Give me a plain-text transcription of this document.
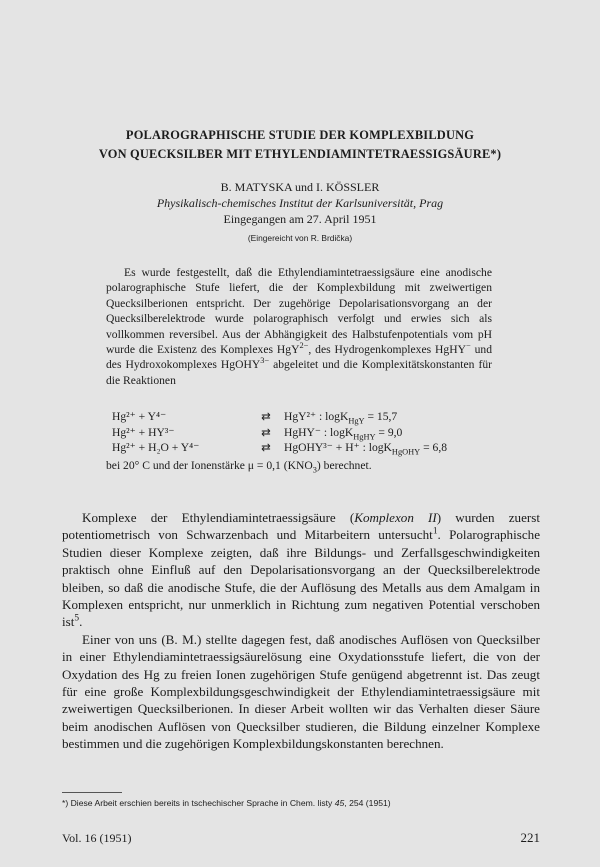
POLAROGRAPHISCHE STUDIE DER KOMPLEXBILDUNG
VON QUECKSILBER MIT ETHYLENDIAMINTETRAESSIGSÄURE*)
B. MATYSKA und I. KÖSSLER
Physikalisch-chemisches Institut der Karlsuniversität, Prag
Eingegangen am 27. April 1951
(Eingereicht von R. Brdička)

Es wurde festgestellt, daß die Ethylendiamintetraessigsäure eine anodische polarographische Stufe liefert, die der Komplexbildung mit zweiwertigen Quecksilberionen entspricht. Der zugehörige Depolarisationsvorgang an der Quecksilberelektrode wurde polarographisch verfolgt und erwies sich als vollkommen reversibel. Aus der Abhängigkeit des Halbstufenpotentials vom pH wurde die Existenz des Komplexes HgY$^{2-}$, des Hydrogenkomplexes HgHY− und des Hydroxokomplexes HgOHY$^{3-}$ abgeleitet und die Komplexitätskonstanten für die Reaktionen

Hg²⁺ + Y⁴⁻	⇄	HgY²⁺ : logK$_{HgY}$ = 15,7
Hg²⁺ + HY³⁻	⇄	HgHY⁻ : logK$_{HgHY}$ = 9,0
Hg²⁺ + H₂O + Y⁴⁻	⇄	HgOHY³⁻ + H⁺ : logK$_{HgOHY}$ = 6,8
bei 20° C und der Ionenstärke μ = 0,1 $(KNO_3)$ berechnet.

Komplexe der Ethylendiamintetraessigsäure (Komplexon II) wurden zuerst potentiometrisch von Schwarzenbach und Mitarbeitern untersucht$^1$. Polarographische Studien dieser Komplexe zeigten, daß ihre Bildungs- und Zerfallsgeschwindigkeiten praktisch ohne Einfluß auf den Depolarisationsvorgang an der Quecksilberelektrode bleiben, so daß die anodische Stufe, die der Auflösung des Metalls aus dem Amalgam in Komplexen entspricht, nur unmerklich in Richtung zum negativen Potential verschoben ist$^5$.

Einer von uns (B. M.) stellte dagegen fest, daß anodisches Auflösen von Quecksilber in einer Ethylendiamintetraessigsäurelösung eine Oxydationsstufe liefert, die von der Oxydation des Hg zu freien Ionen zugehörigen Stufe genügend abgetrennt ist. Das zeugt für eine große Komplexbildungsgeschwindigkeit der Ethylendiamintetraessigsäure mit zweiwertigen Quecksilberionen. In dieser Arbeit wollten wir das Verhalten dieser Säure beim anodischen Auflösen von Quecksilber studieren, die Bildung einzelner Komplexe bestimmen und die zugehörigen Komplexbildungskonstanten berechnen.

*) Diese Arbeit erschien bereits in tschechischer Sprache in Chem. listy 45, 254 (1951)
Vol. 16 (1951)	221
